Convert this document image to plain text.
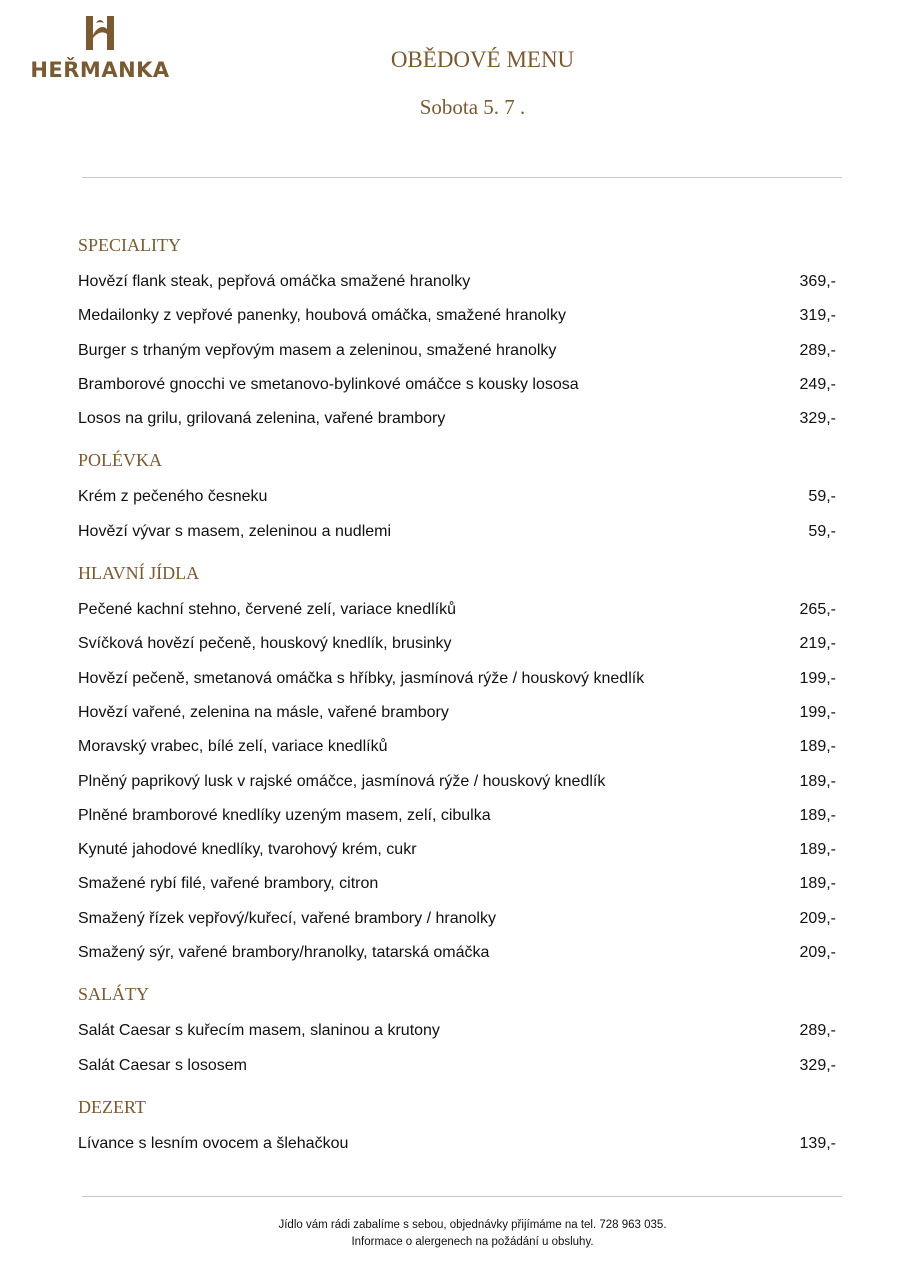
HEŘMANKA	OBĚDOVÉ MENU
Sobota 5. 7 .
SPECIALITY
Hovězí flank steak, pepřová omáčka smažené hranolky	369,-
Medailonky z vepřové panenky, houbová omáčka, smažené hranolky	319,-
Burger s trhaným vepřovým masem a zeleninou, smažené hranolky	289,-
Bramborové gnocchi ve smetanovo-bylinkové omáčce s kousky lososa	249,-
Losos na grilu, grilovaná zelenina, vařené brambory	329,-
POLÉVKA
Krém z pečeného česneku	59,-
Hovězí vývar s masem, zeleninou a nudlemi	59,-
HLAVNÍ JÍDLA
Pečené kachní stehno, červené zelí, variace knedlíků	265,-
Svíčková hovězí pečeně, houskový knedlík, brusinky	219,-
Hovězí pečeně, smetanová omáčka s hříbky, jasmínová rýže / houskový knedlík	199,-
Hovězí vařené, zelenina na másle, vařené brambory	199,-
Moravský vrabec, bílé zelí, variace knedlíků	189,-
Plněný paprikový lusk v rajské omáčce, jasmínová rýže / houskový knedlík	189,-
Plněné bramborové knedlíky uzeným masem, zelí, cibulka	189,-
Kynuté jahodové knedlíky, tvarohový krém, cukr	189,-
Smažené rybí filé, vařené brambory, citron	189,-
Smažený řízek vepřový/kuřecí, vařené brambory / hranolky	209,-
Smažený sýr, vařené brambory/hranolky, tatarská omáčka	209,-
SALÁTY
Salát Caesar s kuřecím masem, slaninou a krutony	289,-
Salát Caesar s lososem	329,-
DEZERT
Lívance s lesním ovocem a šlehačkou	139,-
Jídlo vám rádi zabalíme s sebou, objednávky přijímáme na tel. 728 963 035.
Informace o alergenech na požádání u obsluhy.
